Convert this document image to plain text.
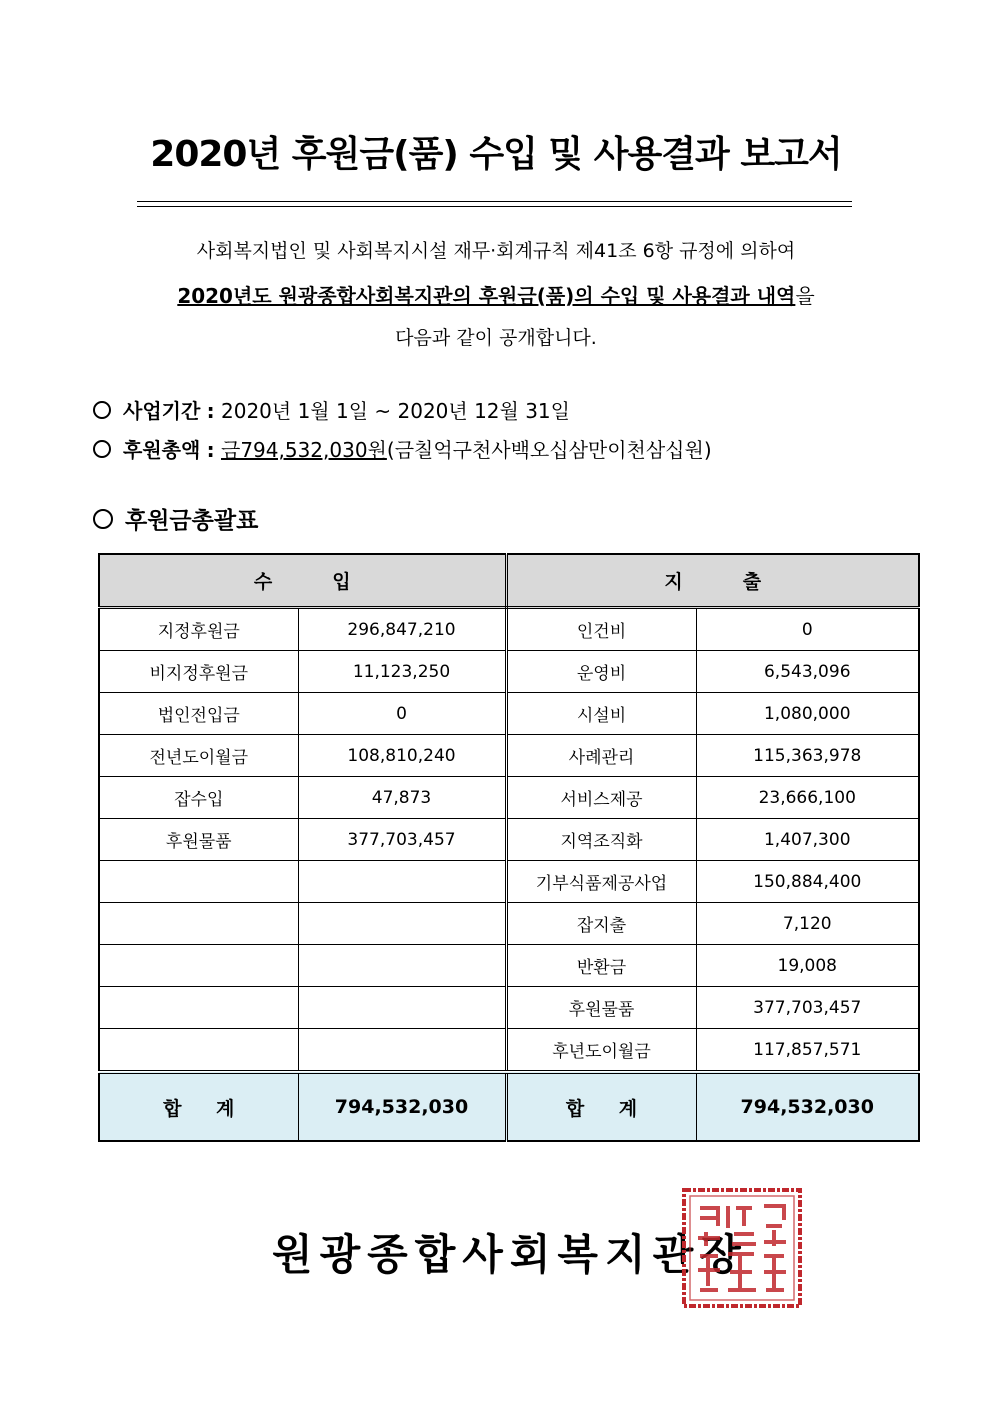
2020년 후원금(품) 수입 및 사용결과 보고서
사회복지법인 및 사회복지시설 재무·회계규칙 제41조 6항 규정에 의하여
2020년도 원광종합사회복지관의 후원금(품)의 수입 및 사용결과 내역을
다음과 같이 공개합니다.
사업기간 : 2020년 1월 1일 ~ 2020년 12월 31일
후원총액 : 금794,532,030원(금칠억구천사백오십삼만이천삼십원)
후원금총괄표
수입		지출	
지정후원금	296,847,210	인건비	0
비지정후원금	11,123,250	운영비	6,543,096
법인전입금	0	시설비	1,080,000
전년도이월금	108,810,240	사례관리	115,363,978
잡수입	47,873	서비스제공	23,666,100
후원물품	377,703,457	지역조직화	1,407,300
		기부식품제공사업	150,884,400
		잡지출	7,120
		반환금	19,008
		후원물품	377,703,457
		후년도이월금	117,857,571
합 계	794,532,030	합 계	794,532,030
원광종합사회복지관장
